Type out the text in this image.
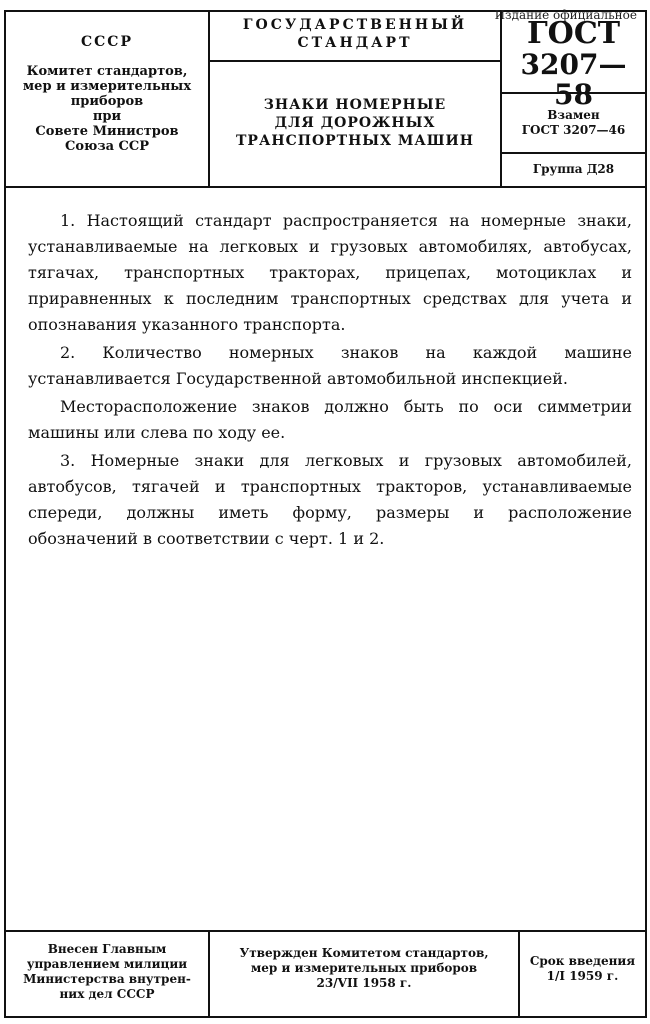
Издание официальное
СССР
Комитет стандартов,
мер и измерительных
приборов
при
Совете Министров
Союза ССР
ГОСУДАРСТВЕННЫЙ
СТАНДАРТ
ЗНАКИ НОМЕРНЫЕ
ДЛЯ ДОРОЖНЫХ
ТРАНСПОРТНЫХ МАШИН
ГОСТ
3207—58
Взамен
ГОСТ 3207—46
Группа Д28

1. Настоящий стандарт распространяется на номерные знаки, устанавливаемые на легковых и грузовых автомобилях, автобусах, тягачах, транспортных тракторах, прицепах, мотоциклах и приравненных к последним транспортных средствах для учета и опознавания указанного транспорта.

2. Количество номерных знаков на каждой машине устанавливается Государственной автомобильной инспекцией.

Месторасположение знаков должно быть по оси симметрии машины или слева по ходу ее.

3. Номерные знаки для легковых и грузовых автомобилей, автобусов, тягачей и транспортных тракторов, устанавливаемые спереди, должны иметь форму, размеры и расположение обозначений в соответствии с черт. 1 и 2.

Внесен Главным
управлением милиции
Министерства внутрен-
них дел СССР
Утвержден Комитетом стандартов,
мер и измерительных приборов
23/VII 1958 г.
Срок введения
1/I 1959 г.
